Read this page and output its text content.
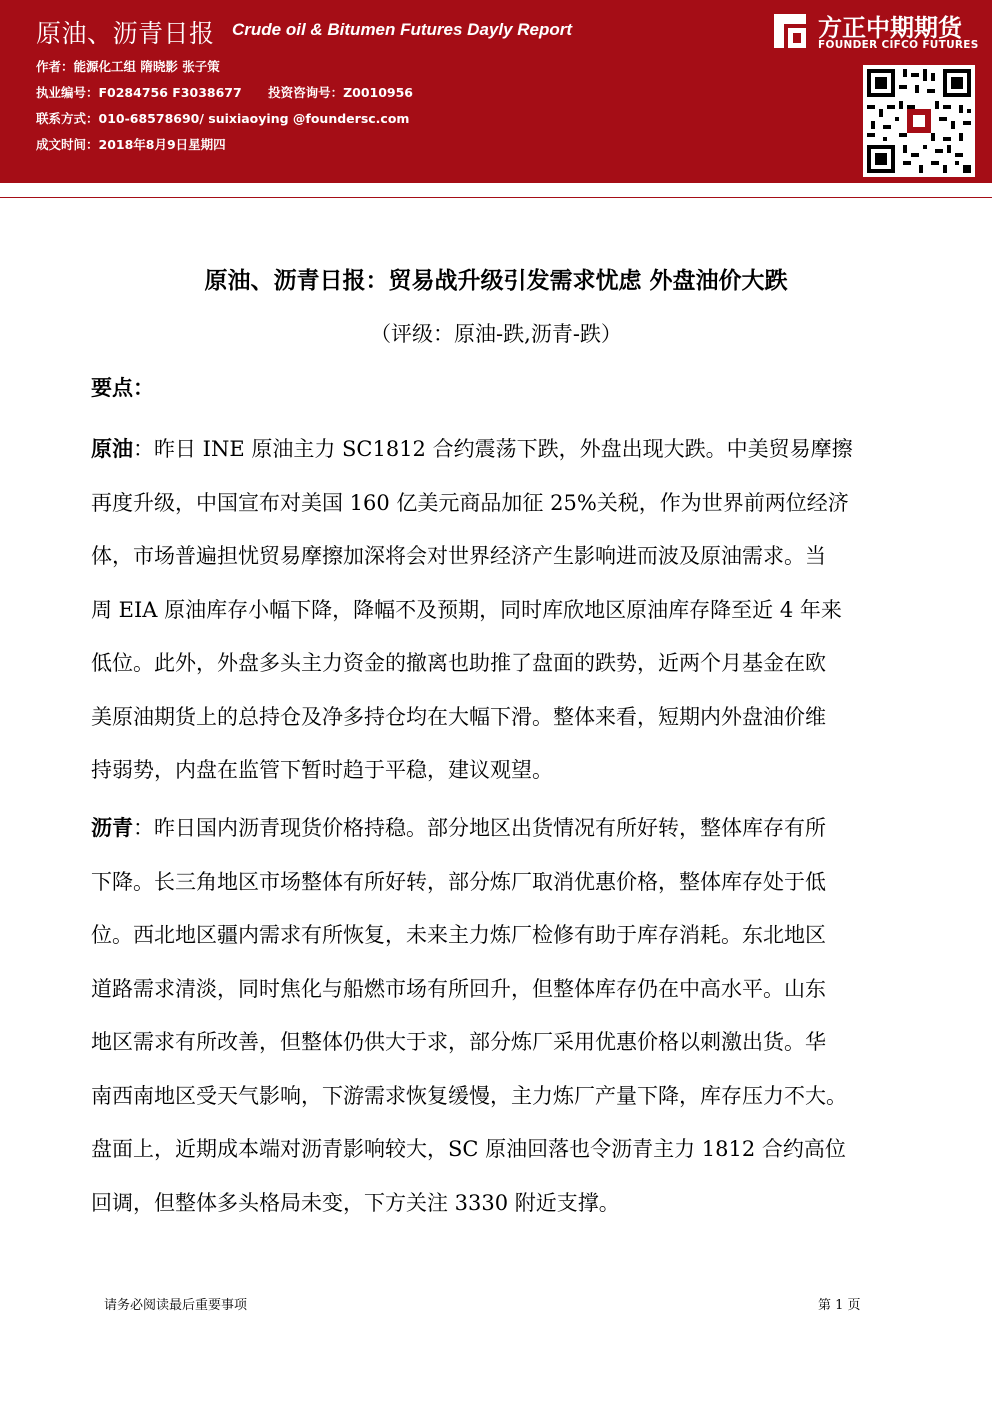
原油、沥青日报 Crude oil & Bitumen Futures Dayly Report
作者：能源化工组 隋晓影 张子策
执业编号：F0284756 F3038677 投资咨询号：Z0010956
联系方式：010-68578690/ suixiaoying @foundersc.com
成文时间：2018年8月9日星期四
方正中期期货
FOUNDER CIFCO FUTURES
原油、沥青日报：贸易战升级引发需求忧虑 外盘油价大跌
（评级：原油-跌,沥青-跌）
要点：
原油：昨日 INE 原油主力 SC1812 合约震荡下跌，外盘出现大跌。中美贸易摩擦
再度升级，中国宣布对美国 160 亿美元商品加征 25%关税，作为世界前两位经济
体，市场普遍担忧贸易摩擦加深将会对世界经济产生影响进而波及原油需求。当
周 EIA 原油库存小幅下降，降幅不及预期，同时库欣地区原油库存降至近 4 年来
低位。此外，外盘多头主力资金的撤离也助推了盘面的跌势，近两个月基金在欧
美原油期货上的总持仓及净多持仓均在大幅下滑。整体来看，短期内外盘油价维
持弱势，内盘在监管下暂时趋于平稳，建议观望。
沥青：昨日国内沥青现货价格持稳。部分地区出货情况有所好转，整体库存有所
下降。长三角地区市场整体有所好转，部分炼厂取消优惠价格，整体库存处于低
位。西北地区疆内需求有所恢复，未来主力炼厂检修有助于库存消耗。东北地区
道路需求清淡，同时焦化与船燃市场有所回升，但整体库存仍在中高水平。山东
地区需求有所改善，但整体仍供大于求，部分炼厂采用优惠价格以刺激出货。华
南西南地区受天气影响，下游需求恢复缓慢，主力炼厂产量下降，库存压力不大。
盘面上，近期成本端对沥青影响较大，SC 原油回落也令沥青主力 1812 合约高位
回调，但整体多头格局未变，下方关注 3330 附近支撑。
请务必阅读最后重要事项	第 1 页
